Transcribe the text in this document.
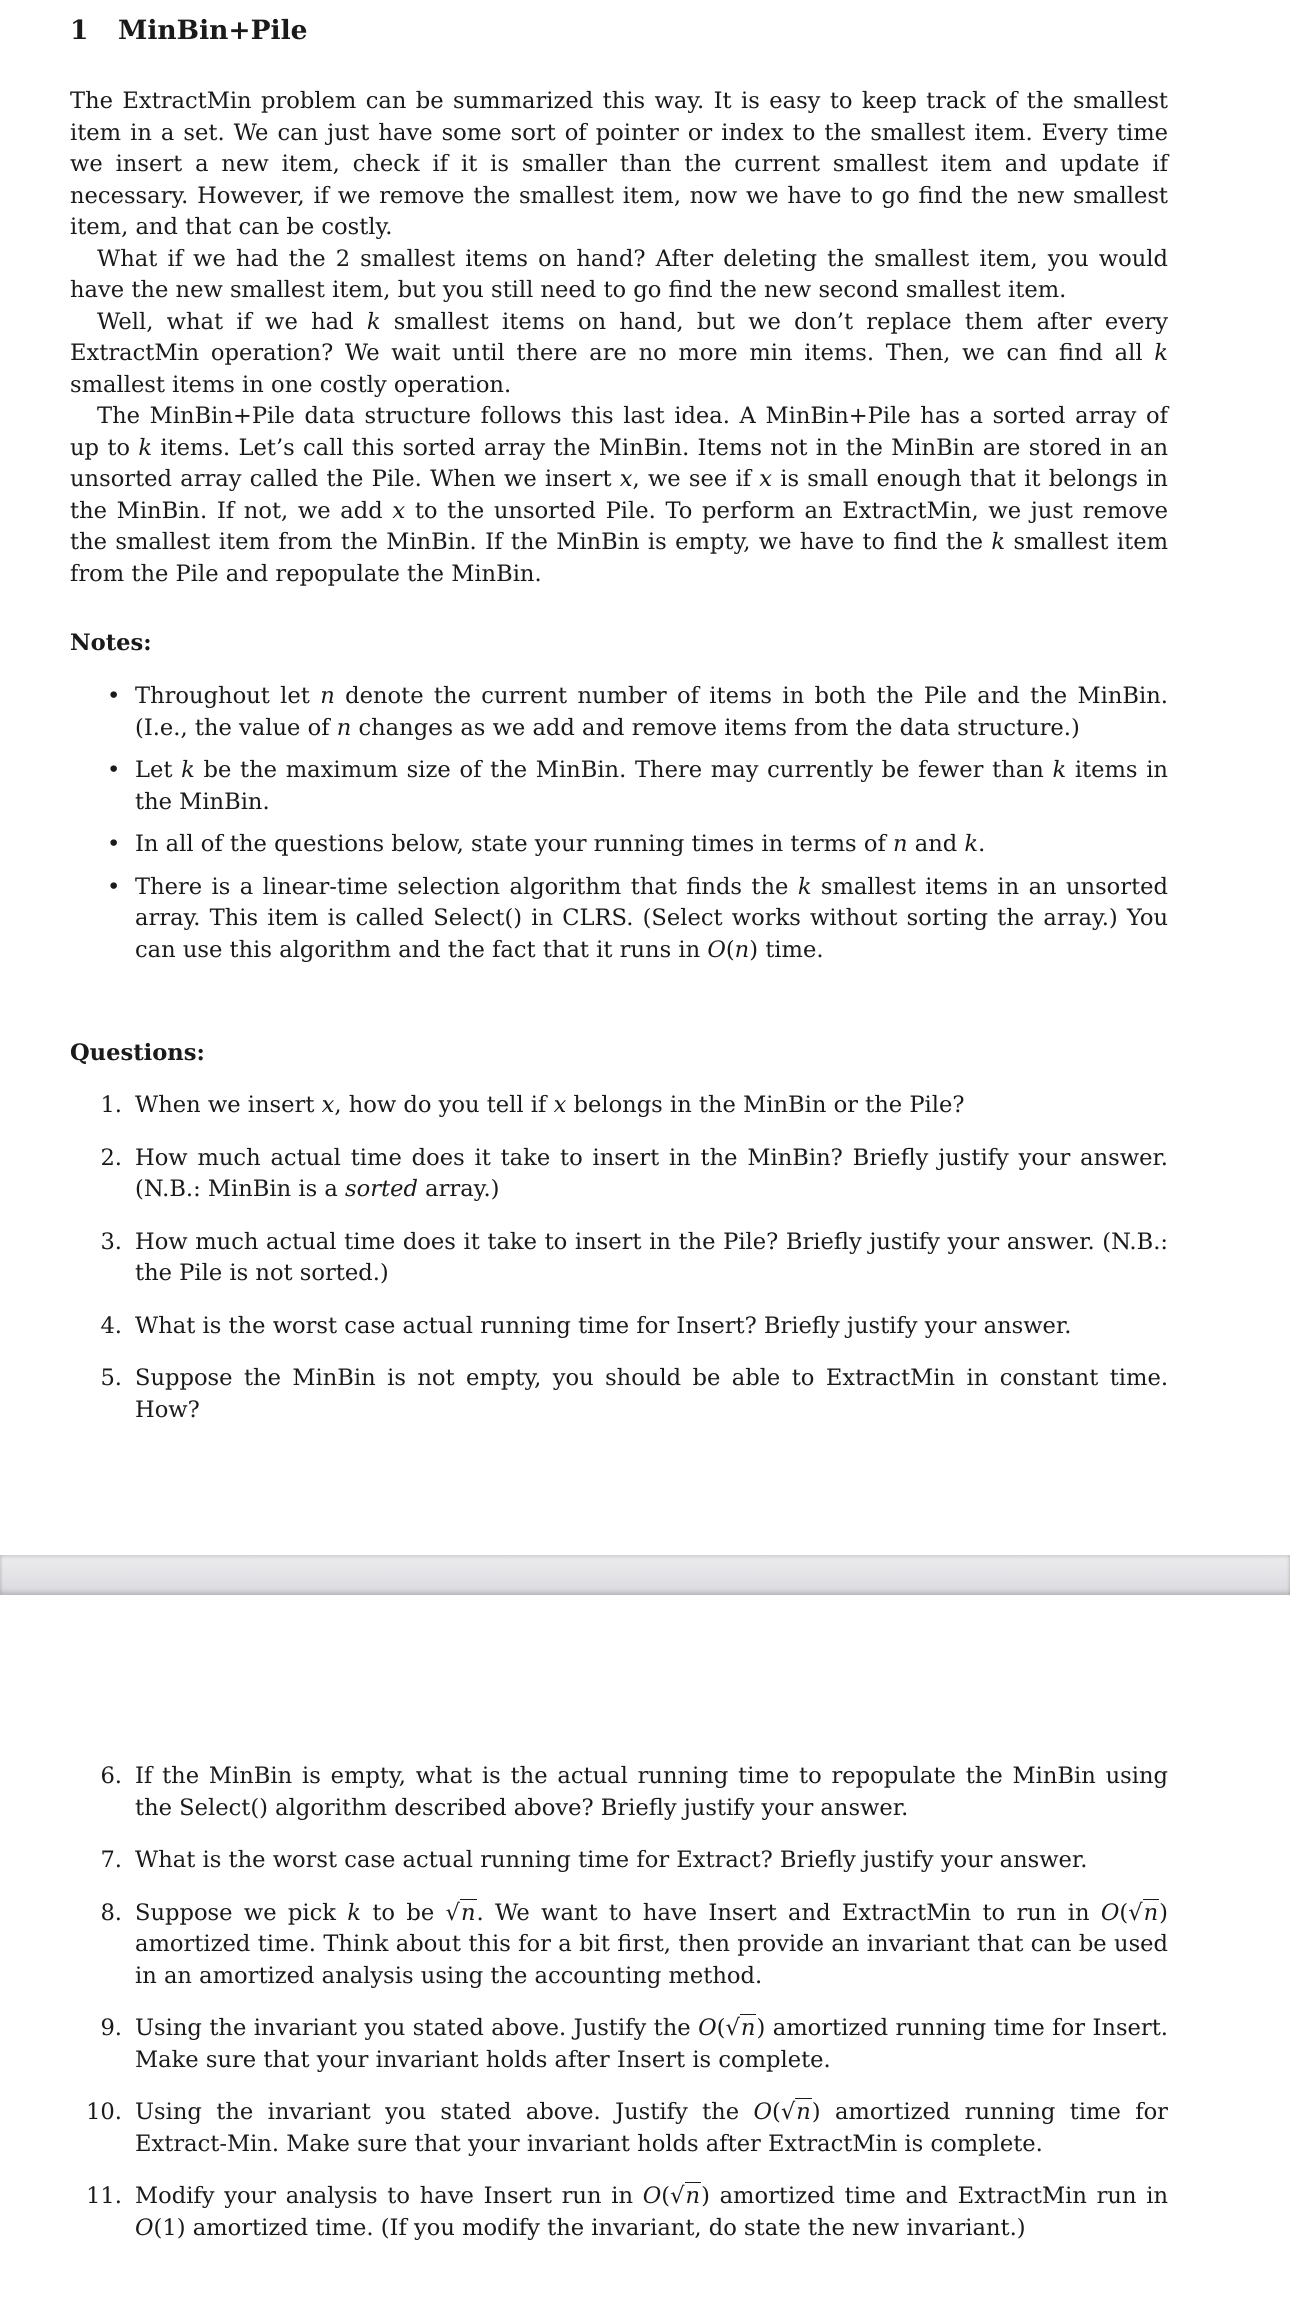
1 MinBin+Pile

The ExtractMin problem can be summarized this way. It is easy to keep track of the smallest item in a set. We can just have some sort of pointer or index to the smallest item. Every time we insert a new item, check if it is smaller than the current smallest item and update if necessary. However, if we remove the smallest item, now we have to go find the new smallest item, and that can be costly.

What if we had the 2 smallest items on hand? After deleting the smallest item, you would have the new smallest item, but you still need to go find the new second smallest item.

Well, what if we had k smallest items on hand, but we don’t replace them after every ExtractMin operation? We wait until there are no more min items. Then, we can find all k smallest items in one costly operation.

The MinBin+Pile data structure follows this last idea. A MinBin+Pile has a sorted array of up to k items. Let’s call this sorted array the MinBin. Items not in the MinBin are stored in an unsorted array called the Pile. When we insert x, we see if x is small enough that it belongs in the MinBin. If not, we add x to the unsorted Pile. To perform an ExtractMin, we just remove the smallest item from the MinBin. If the MinBin is empty, we have to find the k smallest item from the Pile and repopulate the MinBin.

Notes:

• Throughout let n denote the current number of items in both the Pile and the MinBin. (I.e., the value of n changes as we add and remove items from the data structure.)
• Let k be the maximum size of the MinBin. There may currently be fewer than k items in the MinBin.
• In all of the questions below, state your running times in terms of n and k.
• There is a linear-time selection algorithm that finds the k smallest items in an unsorted array. This item is called Select() in CLRS. (Select works without sorting the array.) You can use this algorithm and the fact that it runs in O(n) time.

Questions:

1. When we insert x, how do you tell if x belongs in the MinBin or the Pile?
2. How much actual time does it take to insert in the MinBin? Briefly justify your answer. (N.B.: MinBin is a sorted array.)
3. How much actual time does it take to insert in the Pile? Briefly justify your answer. (N.B.: the Pile is not sorted.)
4. What is the worst case actual running time for Insert? Briefly justify your answer.
5. Suppose the MinBin is not empty, you should be able to ExtractMin in constant time. How?
6. If the MinBin is empty, what is the actual running time to repopulate the MinBin using the Select() algorithm described above? Briefly justify your answer.
7. What is the worst case actual running time for Extract? Briefly justify your answer.
8. Suppose we pick k to be √n. We want to have Insert and ExtractMin to run in O(√n) amortized time. Think about this for a bit first, then provide an invariant that can be used in an amortized analysis using the accounting method.
9. Using the invariant you stated above. Justify the O(√n) amortized running time for Insert. Make sure that your invariant holds after Insert is complete.
10. Using the invariant you stated above. Justify the O(√n) amortized running time for Extract-Min. Make sure that your invariant holds after ExtractMin is complete.
11. Modify your analysis to have Insert run in O(√n) amortized time and ExtractMin run in O(1) amortized time. (If you modify the invariant, do state the new invariant.)
